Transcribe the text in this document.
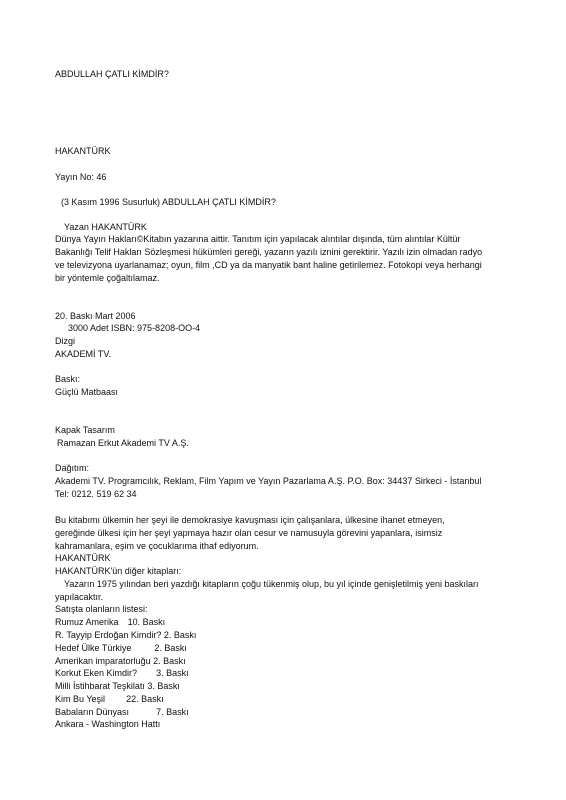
ABDULLAH ÇATLI KİMDİR?
HAKANTÜRK
Yayın No: 46
(3 Kasım 1996 Susurluk) ABDULLAH ÇATLI KİMDİR?
Yazan HAKANTÜRK
Dünya Yayın Hakları©Kitabın yazarına aittir. Tanıtım için yapılacak alıntılar dışında, tüm alıntılar Kültür
Bakanlığı Telif Hakları Sözleşmesi hükümleri gereği, yazarın yazılı iznini gerektirir. Yazılı izin olmadan radyo
ve televizyona uyarlanamaz; oyun, film ,CD ya da manyatik bant haline getirilemez. Fotokopi veya herhangi
bir yöntemle çoğaltılamaz.
20. Baskı Mart 2006
3000 Adet ISBN: 975-8208-OO-4
Dizgi
AKADEMİ TV.
Baskı:
Güçlü Matbaası
Kapak Tasarım
Ramazan Erkut Akademi TV A.Ş.
Dağıtım:
Akademi TV. Programcılık, Reklam, Film Yapım ve Yayın Pazarlama A.Ş. P.O. Box: 34437 Sirkeci - İstanbul
Tel: 0212. 519 62 34
Bu kitabımı ülkemin her şeyi ile demokrasiye kavuşması için çalışanlara, ülkesine ihanet etmeyen,
gereğinde ülkesi için her şeyi yapmaya hazır olan cesur ve namusuyla görevini yapanlara, isimsiz
kahramanlara, eşim ve çocuklarıma ithaf ediyorum.
HAKANTÜRK
HAKANTÜRK'ün diğer kitapları:
Yazarın 1975 yılından beri yazdığı kitapların çoğu tükenmiş olup, bu yıl içinde genişletilmiş yeni baskıları
yapılacaktır.
Satışta olanların listesi:
Rumuz Amerika 10. Baskı
R. Tayyip Erdoğan Kimdir? 2. Baskı
Hedef Ülke Türkiye	2. Baskı
Amerikan imparatorluğu 2. Baskı
Korkut Eken Kimdir? 3. Baskı
Milli İstihbarat Teşkilatı 3. Baskı
Kim Bu Yeşil 22. Baskı
Babaların Dünyası	7. Baskı
Ankara - Washington Hattı
